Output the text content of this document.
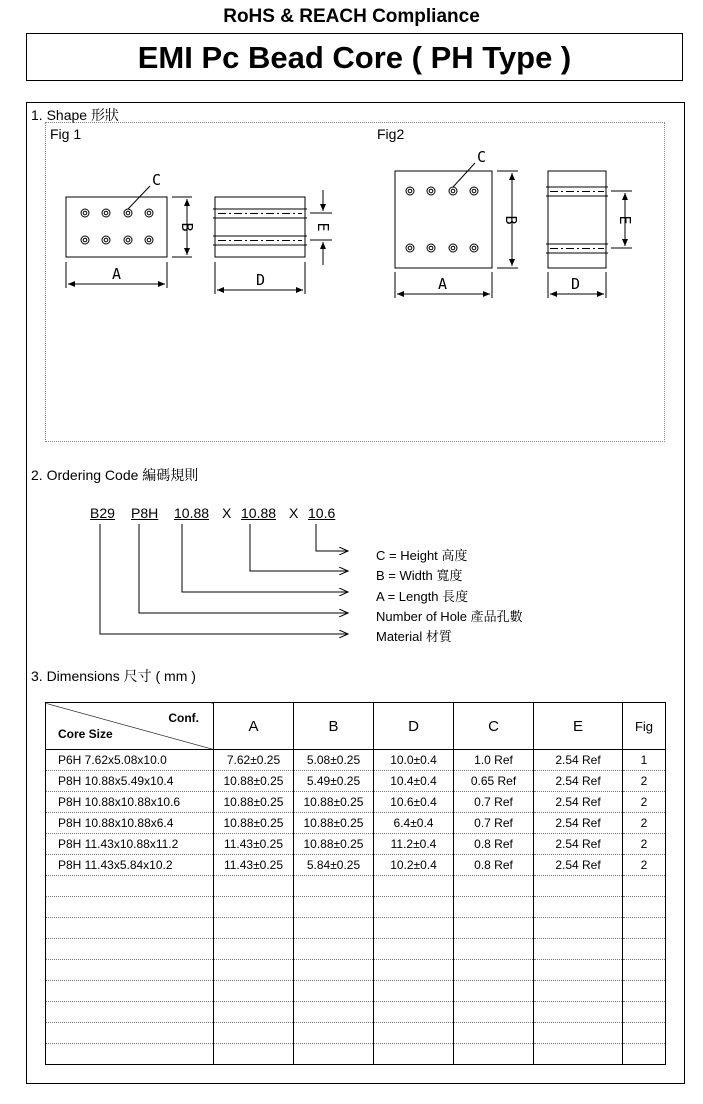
RoHS & REACH Compliance
EMI Pc Bead Core ( PH Type )
1. Shape 形狀
Fig 1	Fig2
C
A	D
C
A	D
B	E
B	E
2. Ordering Code 編碼規則
B29 P8H 10.88 X 10.88 X 10.6
C = Height 高度
B = Width 寬度
A = Length 長度
Number of Hole 產品孔數
Material 材質
3. Dimensions 尺寸 ( mm )
Conf.
Core Size	A	B	D	C	E	Fig
P6H 7.62x5.08x10.0	7.62±0.25	5.08±0.25	10.0±0.4	1.0 Ref	2.54 Ref	1
P8H 10.88x5.49x10.4	10.88±0.25	5.49±0.25	10.4±0.4	0.65 Ref	2.54 Ref	2
P8H 10.88x10.88x10.6	10.88±0.25	10.88±0.25	10.6±0.4	0.7 Ref	2.54 Ref	2
P8H 10.88x10.88x6.4	10.88±0.25	10.88±0.25	6.4±0.4	0.7 Ref	2.54 Ref	2
P8H 11.43x10.88x11.2	11.43±0.25	10.88±0.25	11.2±0.4	0.8 Ref	2.54 Ref	2
P8H 11.43x5.84x10.2	11.43±0.25	5.84±0.25	10.2±0.4	0.8 Ref	2.54 Ref	2
